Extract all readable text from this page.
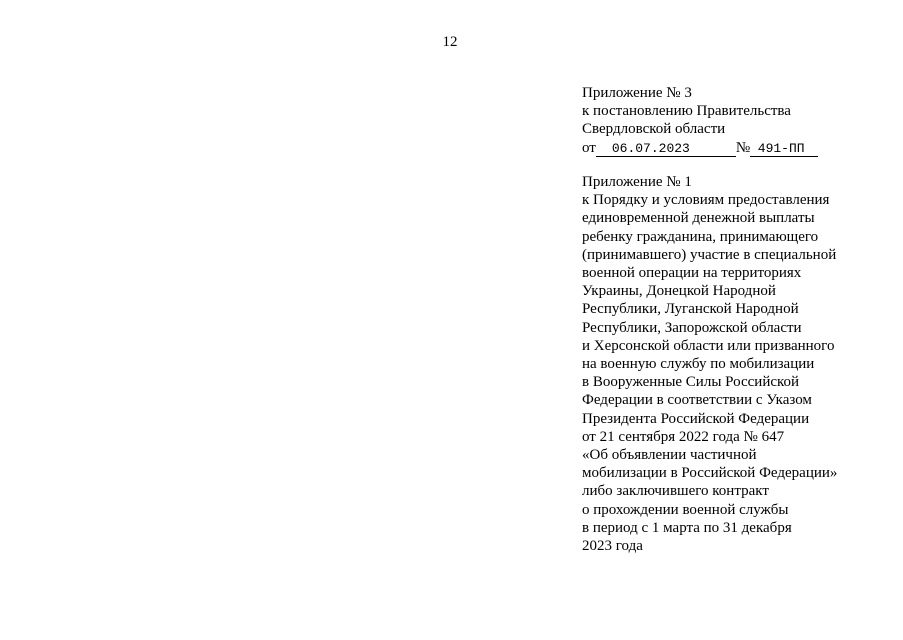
12
Приложение № 3
к постановлению Правительства
Свердловской области
от 06.07.2023	№ 491-ПП
Приложение № 1
к Порядку и условиям предоставления
единовременной денежной выплаты
ребенку гражданина, принимающего
(принимавшего) участие в специальной
военной операции на территориях
Украины, Донецкой Народной
Республики, Луганской Народной
Республики, Запорожской области
и Херсонской области или призванного
на военную службу по мобилизации
в Вооруженные Силы Российской
Федерации в соответствии с Указом
Президента Российской Федерации
от 21 сентября 2022 года № 647
«Об объявлении частичной
мобилизации в Российской Федерации»
либо заключившего контракт
о прохождении военной службы
в период с 1 марта по 31 декабря
2023 года
